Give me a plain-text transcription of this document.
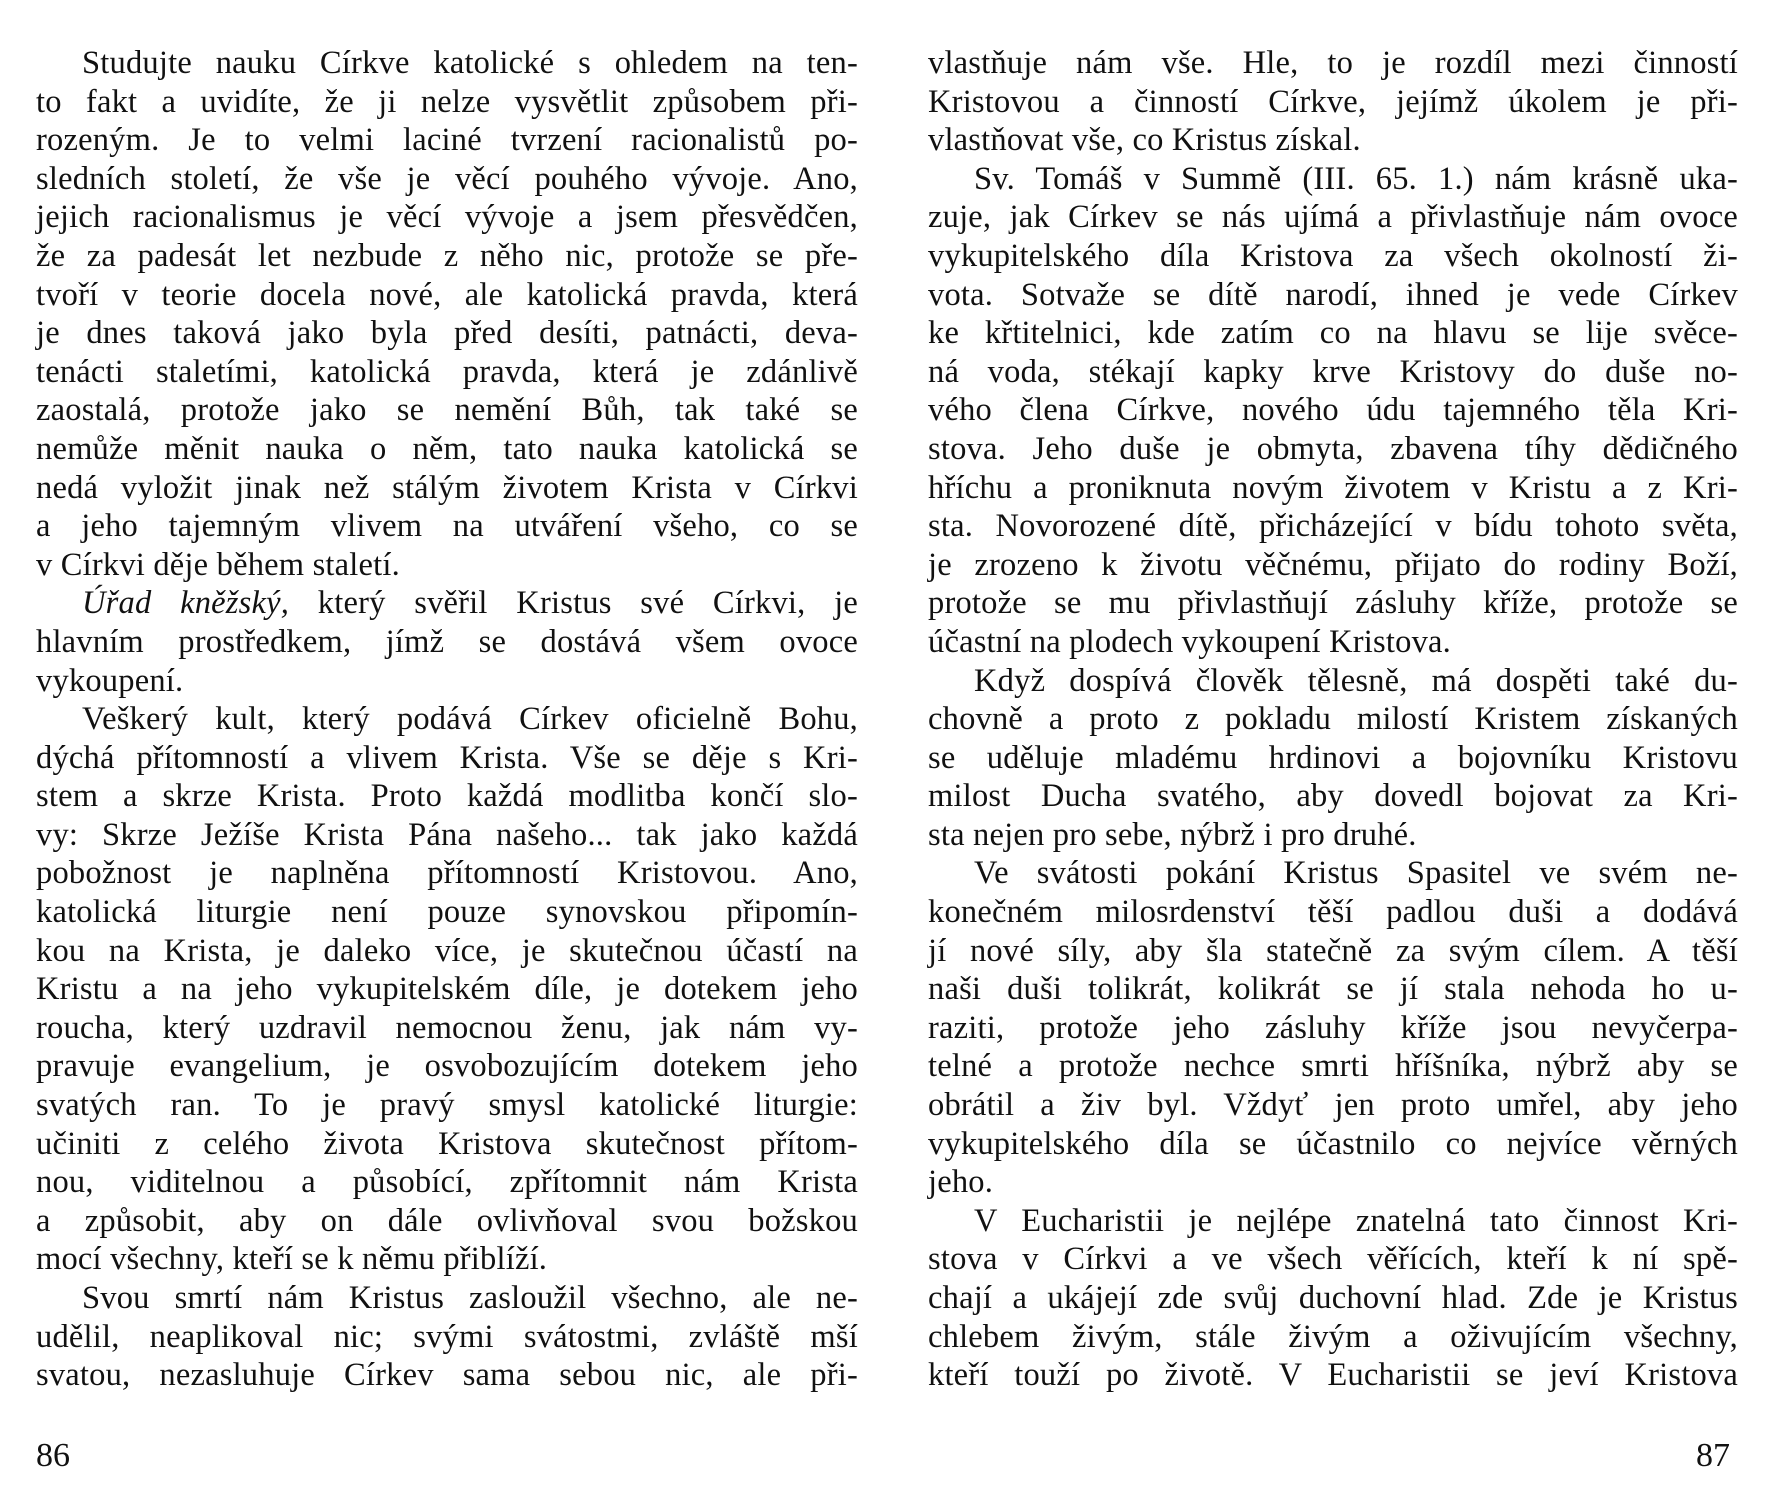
Studujte nauku Církve katolické s ohledem na ten-
to fakt a uvidíte, že ji nelze vysvětlit způsobem při-
rozeným. Je to velmi laciné tvrzení racionalistů po-
sledních století, že vše je věcí pouhého vývoje. Ano,
jejich racionalismus je věcí vývoje a jsem přesvědčen,
že za padesát let nezbude z něho nic, protože se pře-
tvoří v teorie docela nové, ale katolická pravda, která
je dnes taková jako byla před desíti, patnácti, deva-
tenácti staletími, katolická pravda, která je zdánlivě
zaostalá, protože jako se nemění Bůh, tak také se
nemůže měnit nauka o něm, tato nauka katolická se
nedá vyložit jinak než stálým životem Krista v Církvi
a jeho tajemným vlivem na utváření všeho, co se
v Církvi děje během staletí.
Úřad kněžský, který svěřil Kristus své Církvi, je
hlavním prostředkem, jímž se dostává všem ovoce
vykoupení.
Veškerý kult, který podává Církev oficielně Bohu,
dýchá přítomností a vlivem Krista. Vše se děje s Kri-
stem a skrze Krista. Proto každá modlitba končí slo-
vy: Skrze Ježíše Krista Pána našeho... tak jako každá
pobožnost je naplněna přítomností Kristovou. Ano,
katolická liturgie není pouze synovskou připomín-
kou na Krista, je daleko více, je skutečnou účastí na
Kristu a na jeho vykupitelském díle, je dotekem jeho
roucha, který uzdravil nemocnou ženu, jak nám vy-
pravuje evangelium, je osvobozujícím dotekem jeho
svatých ran. To je pravý smysl katolické liturgie:
učiniti z celého života Kristova skutečnost přítom-
nou, viditelnou a působící, zpřítomnit nám Krista
a způsobit, aby on dále ovlivňoval svou božskou
mocí všechny, kteří se k němu přiblíží.
Svou smrtí nám Kristus zasloužil všechno, ale ne-
udělil, neaplikoval nic; svými svátostmi, zvláště mší
svatou, nezasluhuje Církev sama sebou nic, ale při-
vlastňuje nám vše. Hle, to je rozdíl mezi činností
Kristovou a činností Církve, jejímž úkolem je při-
vlastňovat vše, co Kristus získal.
Sv. Tomáš v Summě (III. 65. 1.) nám krásně uka-
zuje, jak Církev se nás ujímá a přivlastňuje nám ovoce
vykupitelského díla Kristova za všech okolností ži-
vota. Sotvaže se dítě narodí, ihned je vede Církev
ke křtitelnici, kde zatím co na hlavu se lije svěce-
ná voda, stékají kapky krve Kristovy do duše no-
vého člena Církve, nového údu tajemného těla Kri-
stova. Jeho duše je obmyta, zbavena tíhy dědičného
hříchu a proniknuta novým životem v Kristu a z Kri-
sta. Novorozené dítě, přicházející v bídu tohoto světa,
je zrozeno k životu věčnému, přijato do rodiny Boží,
protože se mu přivlastňují zásluhy kříže, protože se
účastní na plodech vykoupení Kristova.
Když dospívá člověk tělesně, má dospěti také du-
chovně a proto z pokladu milostí Kristem získaných
se uděluje mladému hrdinovi a bojovníku Kristovu
milost Ducha svatého, aby dovedl bojovat za Kri-
sta nejen pro sebe, nýbrž i pro druhé.
Ve svátosti pokání Kristus Spasitel ve svém ne-
konečném milosrdenství těší padlou duši a dodává
jí nové síly, aby šla statečně za svým cílem. A těší
naši duši tolikrát, kolikrát se jí stala nehoda ho u-
raziti, protože jeho zásluhy kříže jsou nevyčerpa-
telné a protože nechce smrti hříšníka, nýbrž aby se
obrátil a živ byl. Vždyť jen proto umřel, aby jeho
vykupitelského díla se účastnilo co nejvíce věrných
jeho.
V Eucharistii je nejlépe znatelná tato činnost Kri-
stova v Církvi a ve všech věřících, kteří k ní spě-
chají a ukájejí zde svůj duchovní hlad. Zde je Kristus
chlebem živým, stále živým a oživujícím všechny,
kteří touží po životě. V Eucharistii se jeví Kristova
86	87
